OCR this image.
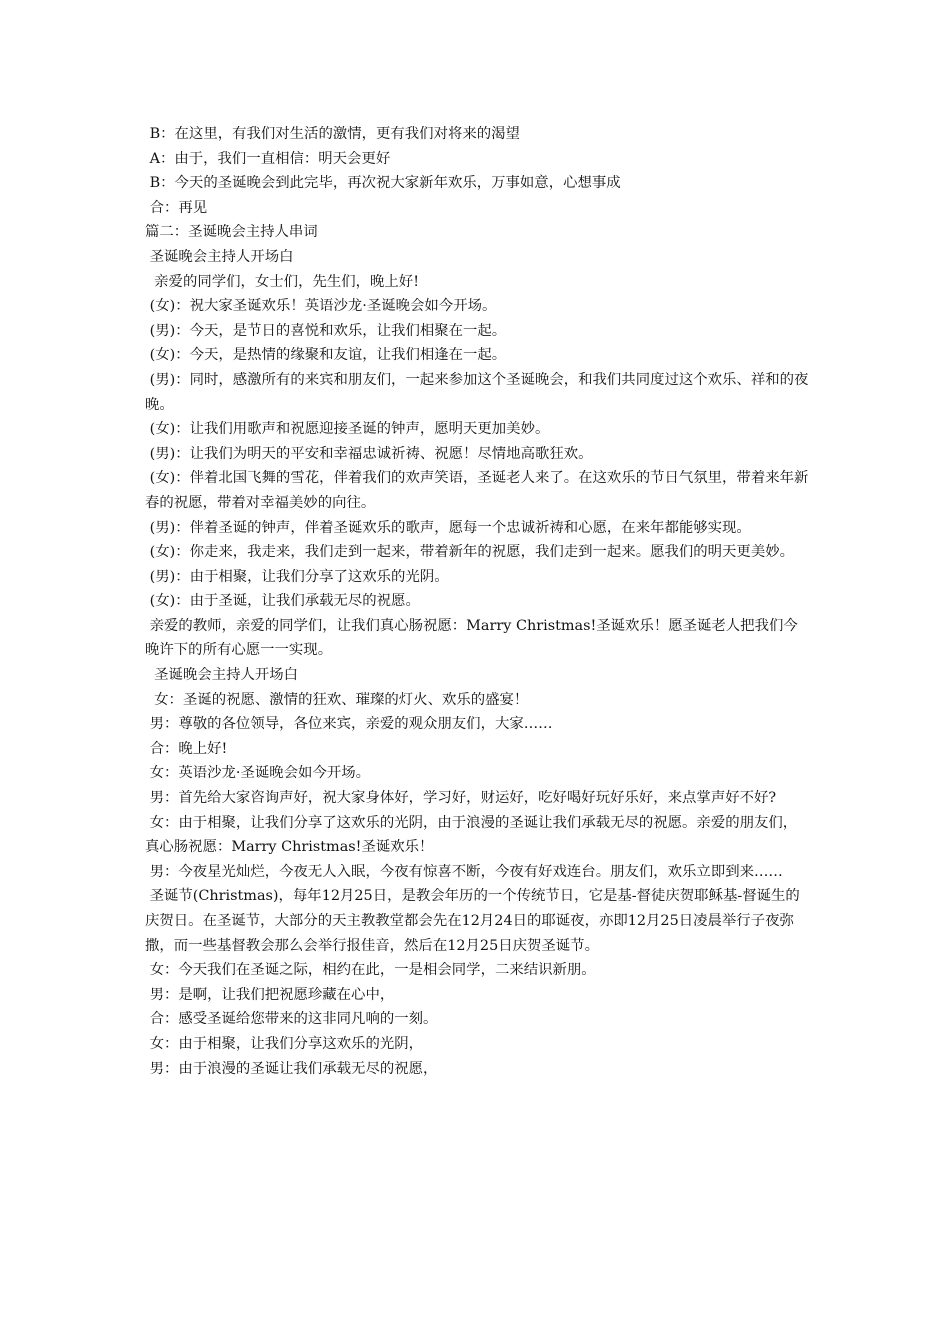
B：在这里，有我们对生活的激情，更有我们对将来的渴望

A：由于，我们一直相信：明天会更好

B：今天的圣诞晚会到此完毕，再次祝大家新年欢乐，万事如意，心想事成

合：再见

篇二：圣诞晚会主持人串词

圣诞晚会主持人开场白

亲爱的同学们，女士们，先生们，晚上好!

(女)：祝大家圣诞欢乐！英语沙龙·圣诞晚会如今开场。

(男)：今天，是节日的喜悦和欢乐，让我们相聚在一起。

(女)：今天，是热情的缘聚和友谊，让我们相逢在一起。

(男)：同时，感激所有的来宾和朋友们，一起来参加这个圣诞晚会，和我们共同度过这个欢乐、祥和的夜晚。

(女)：让我们用歌声和祝愿迎接圣诞的钟声，愿明天更加美妙。

(男)：让我们为明天的平安和幸福忠诚祈祷、祝愿！尽情地高歌狂欢。

(女)：伴着北国飞舞的雪花，伴着我们的欢声笑语，圣诞老人来了。在这欢乐的节日气氛里，带着来年新春的祝愿，带着对幸福美妙的向往。

(男)：伴着圣诞的钟声，伴着圣诞欢乐的歌声，愿每一个忠诚祈祷和心愿，在来年都能够实现。

(女)：你走来，我走来，我们走到一起来，带着新年的祝愿，我们走到一起来。愿我们的明天更美妙。

(男)：由于相聚，让我们分享了这欢乐的光阴。

(女)：由于圣诞，让我们承载无尽的祝愿。

亲爱的教师，亲爱的同学们，让我们真心肠祝愿：Marry Christmas!圣诞欢乐！愿圣诞老人把我们今晚许下的所有心愿一一实现。

圣诞晚会主持人开场白

女：圣诞的祝愿、激情的狂欢、璀璨的灯火、欢乐的盛宴！

男：尊敬的各位领导，各位来宾，亲爱的观众朋友们，大家……

合：晚上好!

女：英语沙龙·圣诞晚会如今开场。

男：首先给大家咨询声好，祝大家身体好，学习好，财运好，吃好喝好玩好乐好，来点掌声好不好?

女：由于相聚，让我们分享了这欢乐的光阴，由于浪漫的圣诞让我们承载无尽的祝愿。亲爱的朋友们，真心肠祝愿：Marry Christmas!圣诞欢乐！

男：今夜星光灿烂，今夜无人入眠，今夜有惊喜不断，今夜有好戏连台。朋友们，欢乐立即到来……

圣诞节(Christmas)，每年12月25日，是教会年历的一个传统节日，它是基-督徒庆贺耶稣基-督诞生的庆贺日。在圣诞节，大部分的天主教教堂都会先在12月24日的耶诞夜，亦即12月25日凌晨举行子夜弥撒，而一些基督教会那么会举行报佳音，然后在12月25日庆贺圣诞节。

女：今天我们在圣诞之际，相约在此，一是相会同学，二来结识新朋。

男：是啊，让我们把祝愿珍藏在心中，

合：感受圣诞给您带来的这非同凡响的一刻。

女：由于相聚，让我们分享这欢乐的光阴，

男：由于浪漫的圣诞让我们承载无尽的祝愿，
